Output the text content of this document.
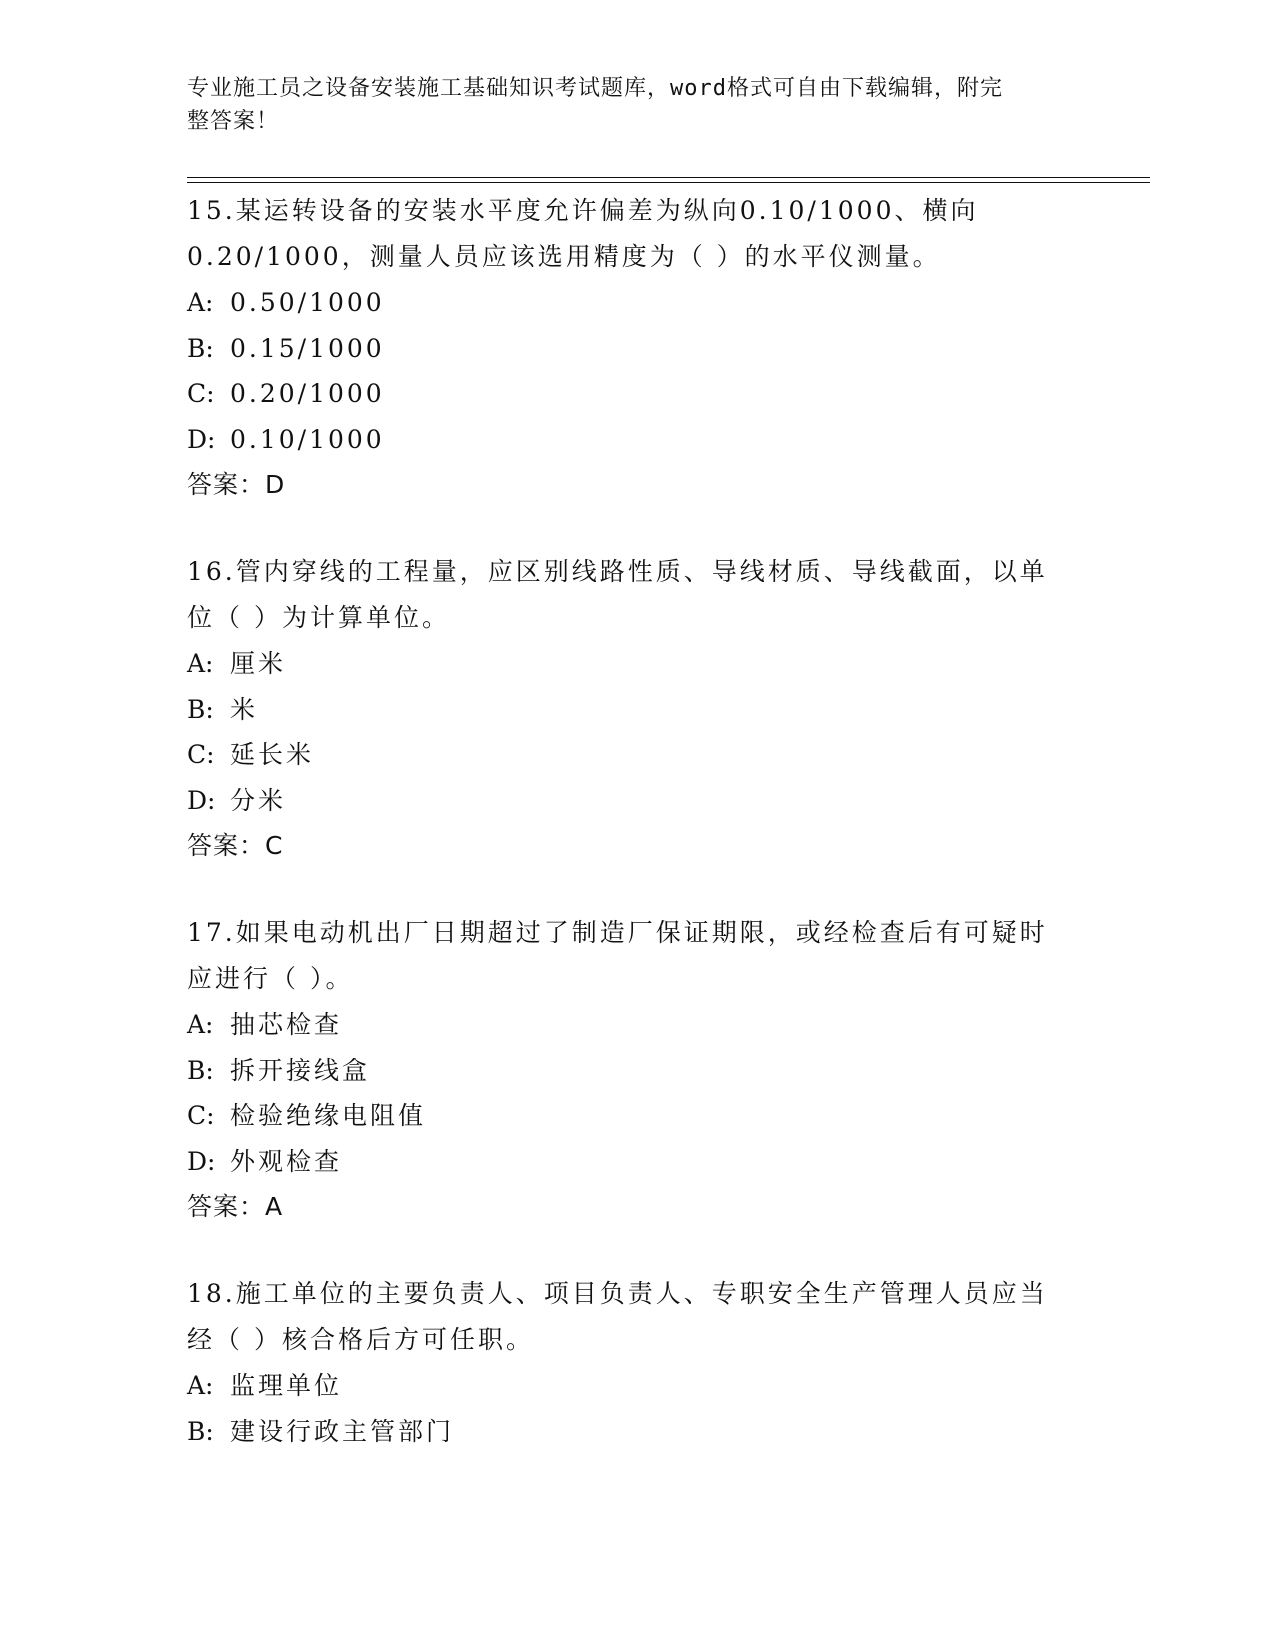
专业施工员之设备安装施工基础知识考试题库，word格式可自由下载编辑，附完
整答案！

15.某运转设备的安装水平度允许偏差为纵向0.10/1000、横向

0.20/1000，测量人员应该选用精度为（ ）的水平仪测量。

A: 0.50/1000

B: 0.15/1000

C: 0.20/1000

D: 0.10/1000

答案：D

16.管内穿线的工程量，应区别线路性质、导线材质、导线截面，以单

位（ ）为计算单位。

A: 厘米

B: 米

C: 延长米

D: 分米

答案：C

17.如果电动机出厂日期超过了制造厂保证期限，或经检查后有可疑时

应进行（ ）。

A: 抽芯检查

B: 拆开接线盒

C: 检验绝缘电阻值

D: 外观检查

答案：A

18.施工单位的主要负责人、项目负责人、专职安全生产管理人员应当

经（ ）核合格后方可任职。

A: 监理单位

B: 建设行政主管部门
